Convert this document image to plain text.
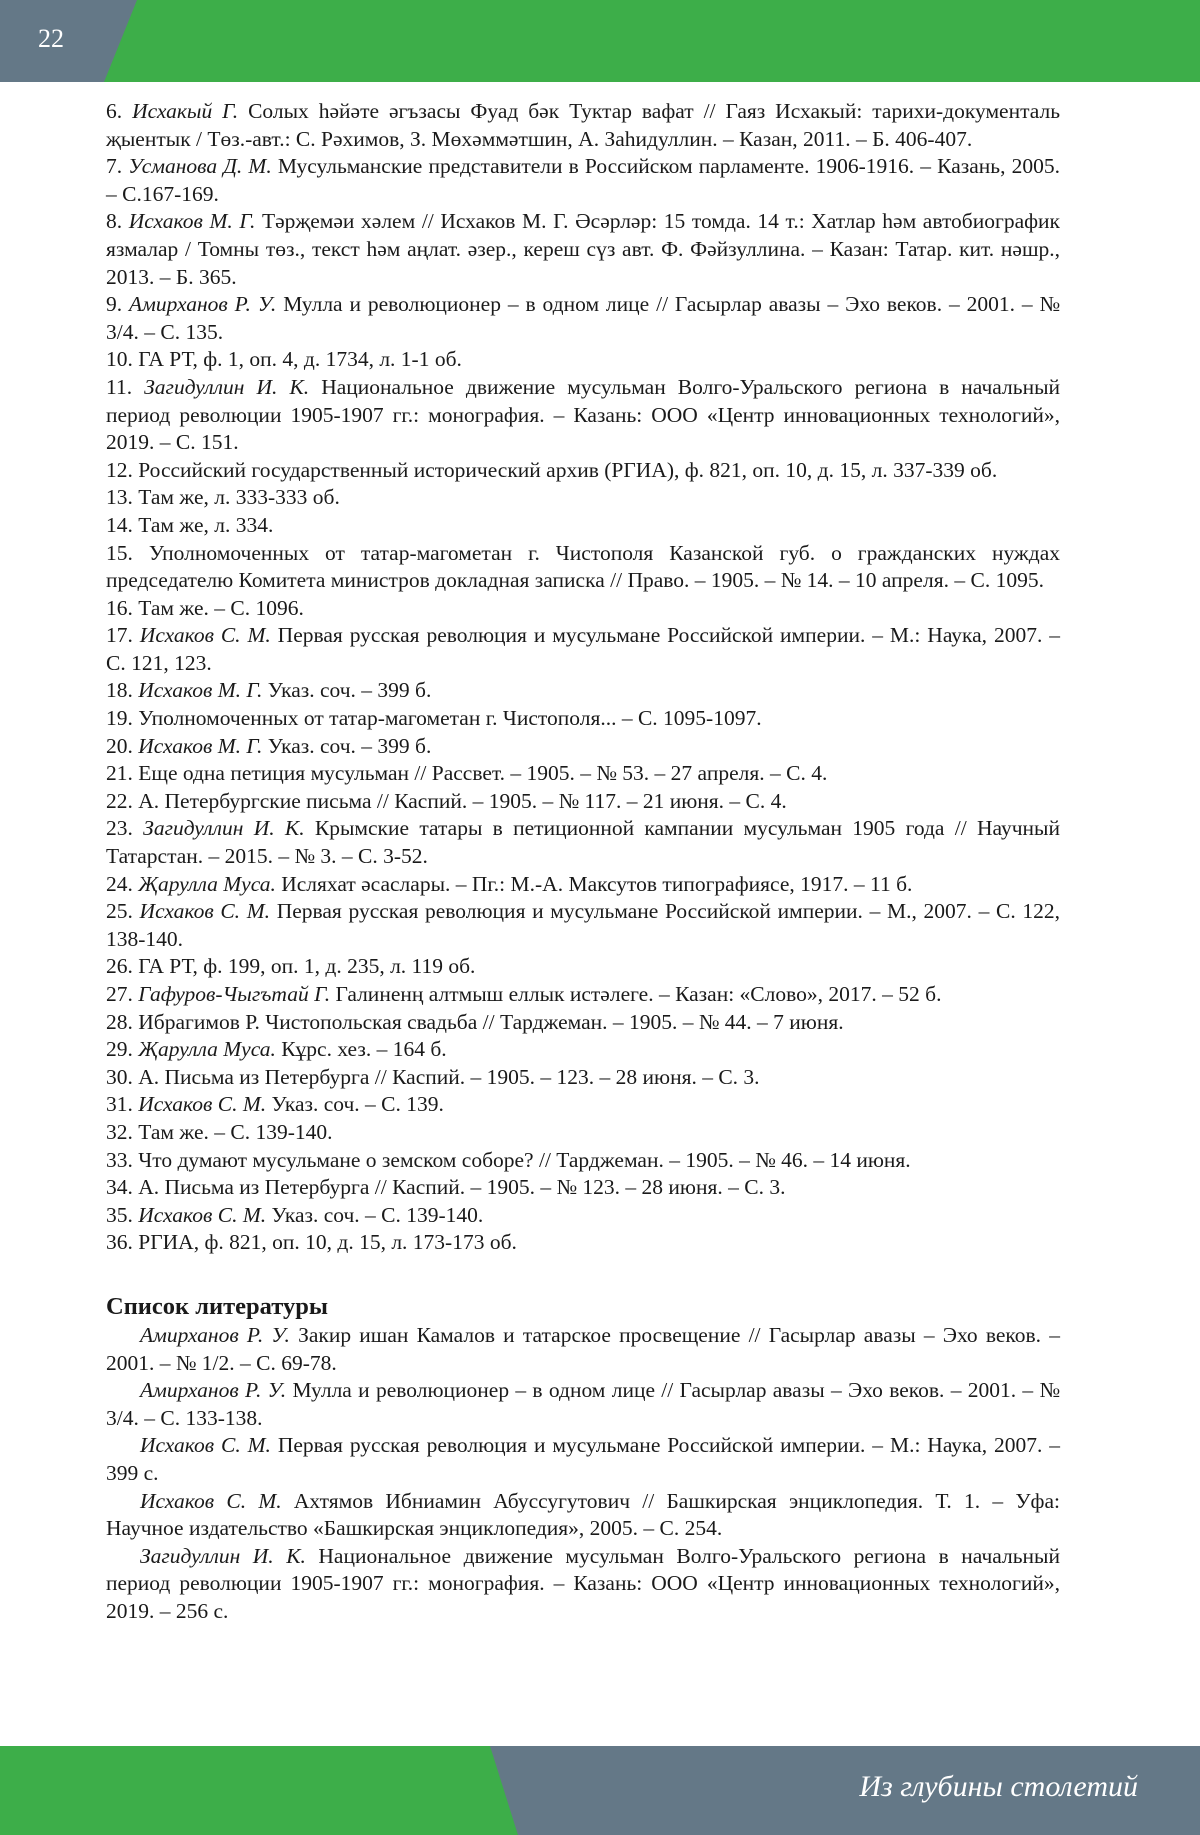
22

6. Исхакый Г. Солых һәйәте әгъзасы Фуад бәк Туктар вафат // Гаяз Исхакый: тарихи-документаль җыентык / Төз.-авт.: С. Рәхимов, З. Мөхәммәтшин, А. Заһидуллин. – Казан, 2011. – Б. 406-407.

7. Усманова Д. М. Мусульманские представители в Российском парламенте. 1906-1916. – Казань, 2005. – С.167-169.

8. Исхаков М. Г. Тәрҗемәи хәлем // Исхаков М. Г. Әсәрләр: 15 томда. 14 т.: Хатлар һәм автобиографик язмалар / Томны төз., текст һәм аңлат. әзер., кереш сүз авт. Ф. Фәйзуллина. – Казан: Татар. кит. нәшр., 2013. – Б. 365.

9. Амирханов Р. У. Мулла и революционер – в одном лице // Гасырлар авазы – Эхо веков. – 2001. – № 3/4. – С. 135.

10. ГА РТ, ф. 1, оп. 4, д. 1734, л. 1-1 об.

11. Загидуллин И. К. Национальное движение мусульман Волго-Уральского региона в начальный период революции 1905-1907 гг.: монография. – Казань: ООО «Центр инновационных технологий», 2019. – С. 151.

12. Российский государственный исторический архив (РГИА), ф. 821, оп. 10, д. 15, л. 337-339 об.

13. Там же, л. 333-333 об.

14. Там же, л. 334.

15. Уполномоченных от татар-магометан г. Чистополя Казанской губ. о гражданских нуждах председателю Комитета министров докладная записка // Право. – 1905. – № 14. – 10 апреля. – С. 1095.

16. Там же. – С. 1096.

17. Исхаков С. М. Первая русская революция и мусульмане Российской империи. – М.: Наука, 2007. – С. 121, 123.

18. Исхаков М. Г. Указ. соч. – 399 б.

19. Уполномоченных от татар-магометан г. Чистополя... – С. 1095-1097.

20. Исхаков М. Г. Указ. соч. – 399 б.

21. Еще одна петиция мусульман // Рассвет. – 1905. – № 53. – 27 апреля. – С. 4.

22. А. Петербургские письма // Каспий. – 1905. – № 117. – 21 июня. – С. 4.

23. Загидуллин И. К. Крымские татары в петиционной кампании мусульман 1905 года // Научный Татарстан. – 2015. – № 3. – С. 3-52.

24. Җарулла Муса. Исляхат әсаслары. – Пг.: М.-А. Максутов типографиясе, 1917. – 11 б.

25. Исхаков С. М. Первая русская революция и мусульмане Российской империи. – М., 2007. – С. 122, 138-140.

26. ГА РТ, ф. 199, оп. 1, д. 235, л. 119 об.

27. Гафуров-Чыгътай Г. Галиненң алтмыш еллык истәлеге. – Казан: «Слово», 2017. – 52 б.

28. Ибрагимов Р. Чистопольская свадьба // Тарджеман. – 1905. – № 44. – 7 июня.

29. Җарулла Муса. Кұрс. хез. – 164 б.

30. А. Письма из Петербурга // Каспий. – 1905. – 123. – 28 июня. – С. 3.

31. Исхаков С. М. Указ. соч. – С. 139.

32. Там же. – С. 139-140.

33. Что думают мусульмане о земском соборе? // Тарджеман. – 1905. – № 46. – 14 июня.

34. А. Письма из Петербурга // Каспий. – 1905. – № 123. – 28 июня. – С. 3.

35. Исхаков С. М. Указ. соч. – С. 139-140.

36. РГИА, ф. 821, оп. 10, д. 15, л. 173-173 об.

Список литературы

Амирханов Р. У. Закир ишан Камалов и татарское просвещение // Гасырлар авазы – Эхо веков. – 2001. – № 1/2. – С. 69-78.

Амирханов Р. У. Мулла и революционер – в одном лице // Гасырлар авазы – Эхо веков. – 2001. – № 3/4. – С. 133-138.

Исхаков С. М. Первая русская революция и мусульмане Российской империи. – М.: Наука, 2007. – 399 с.

Исхаков С. М. Ахтямов Ибниамин Абуссугутович // Башкирская энциклопедия. Т. 1. – Уфа: Научное издательство «Башкирская энциклопедия», 2005. – С. 254.

Загидуллин И. К. Национальное движение мусульман Волго-Уральского региона в начальный период революции 1905-1907 гг.: монография. – Казань: ООО «Центр инновационных технологий», 2019. – 256 с.

Из глубины столетий
